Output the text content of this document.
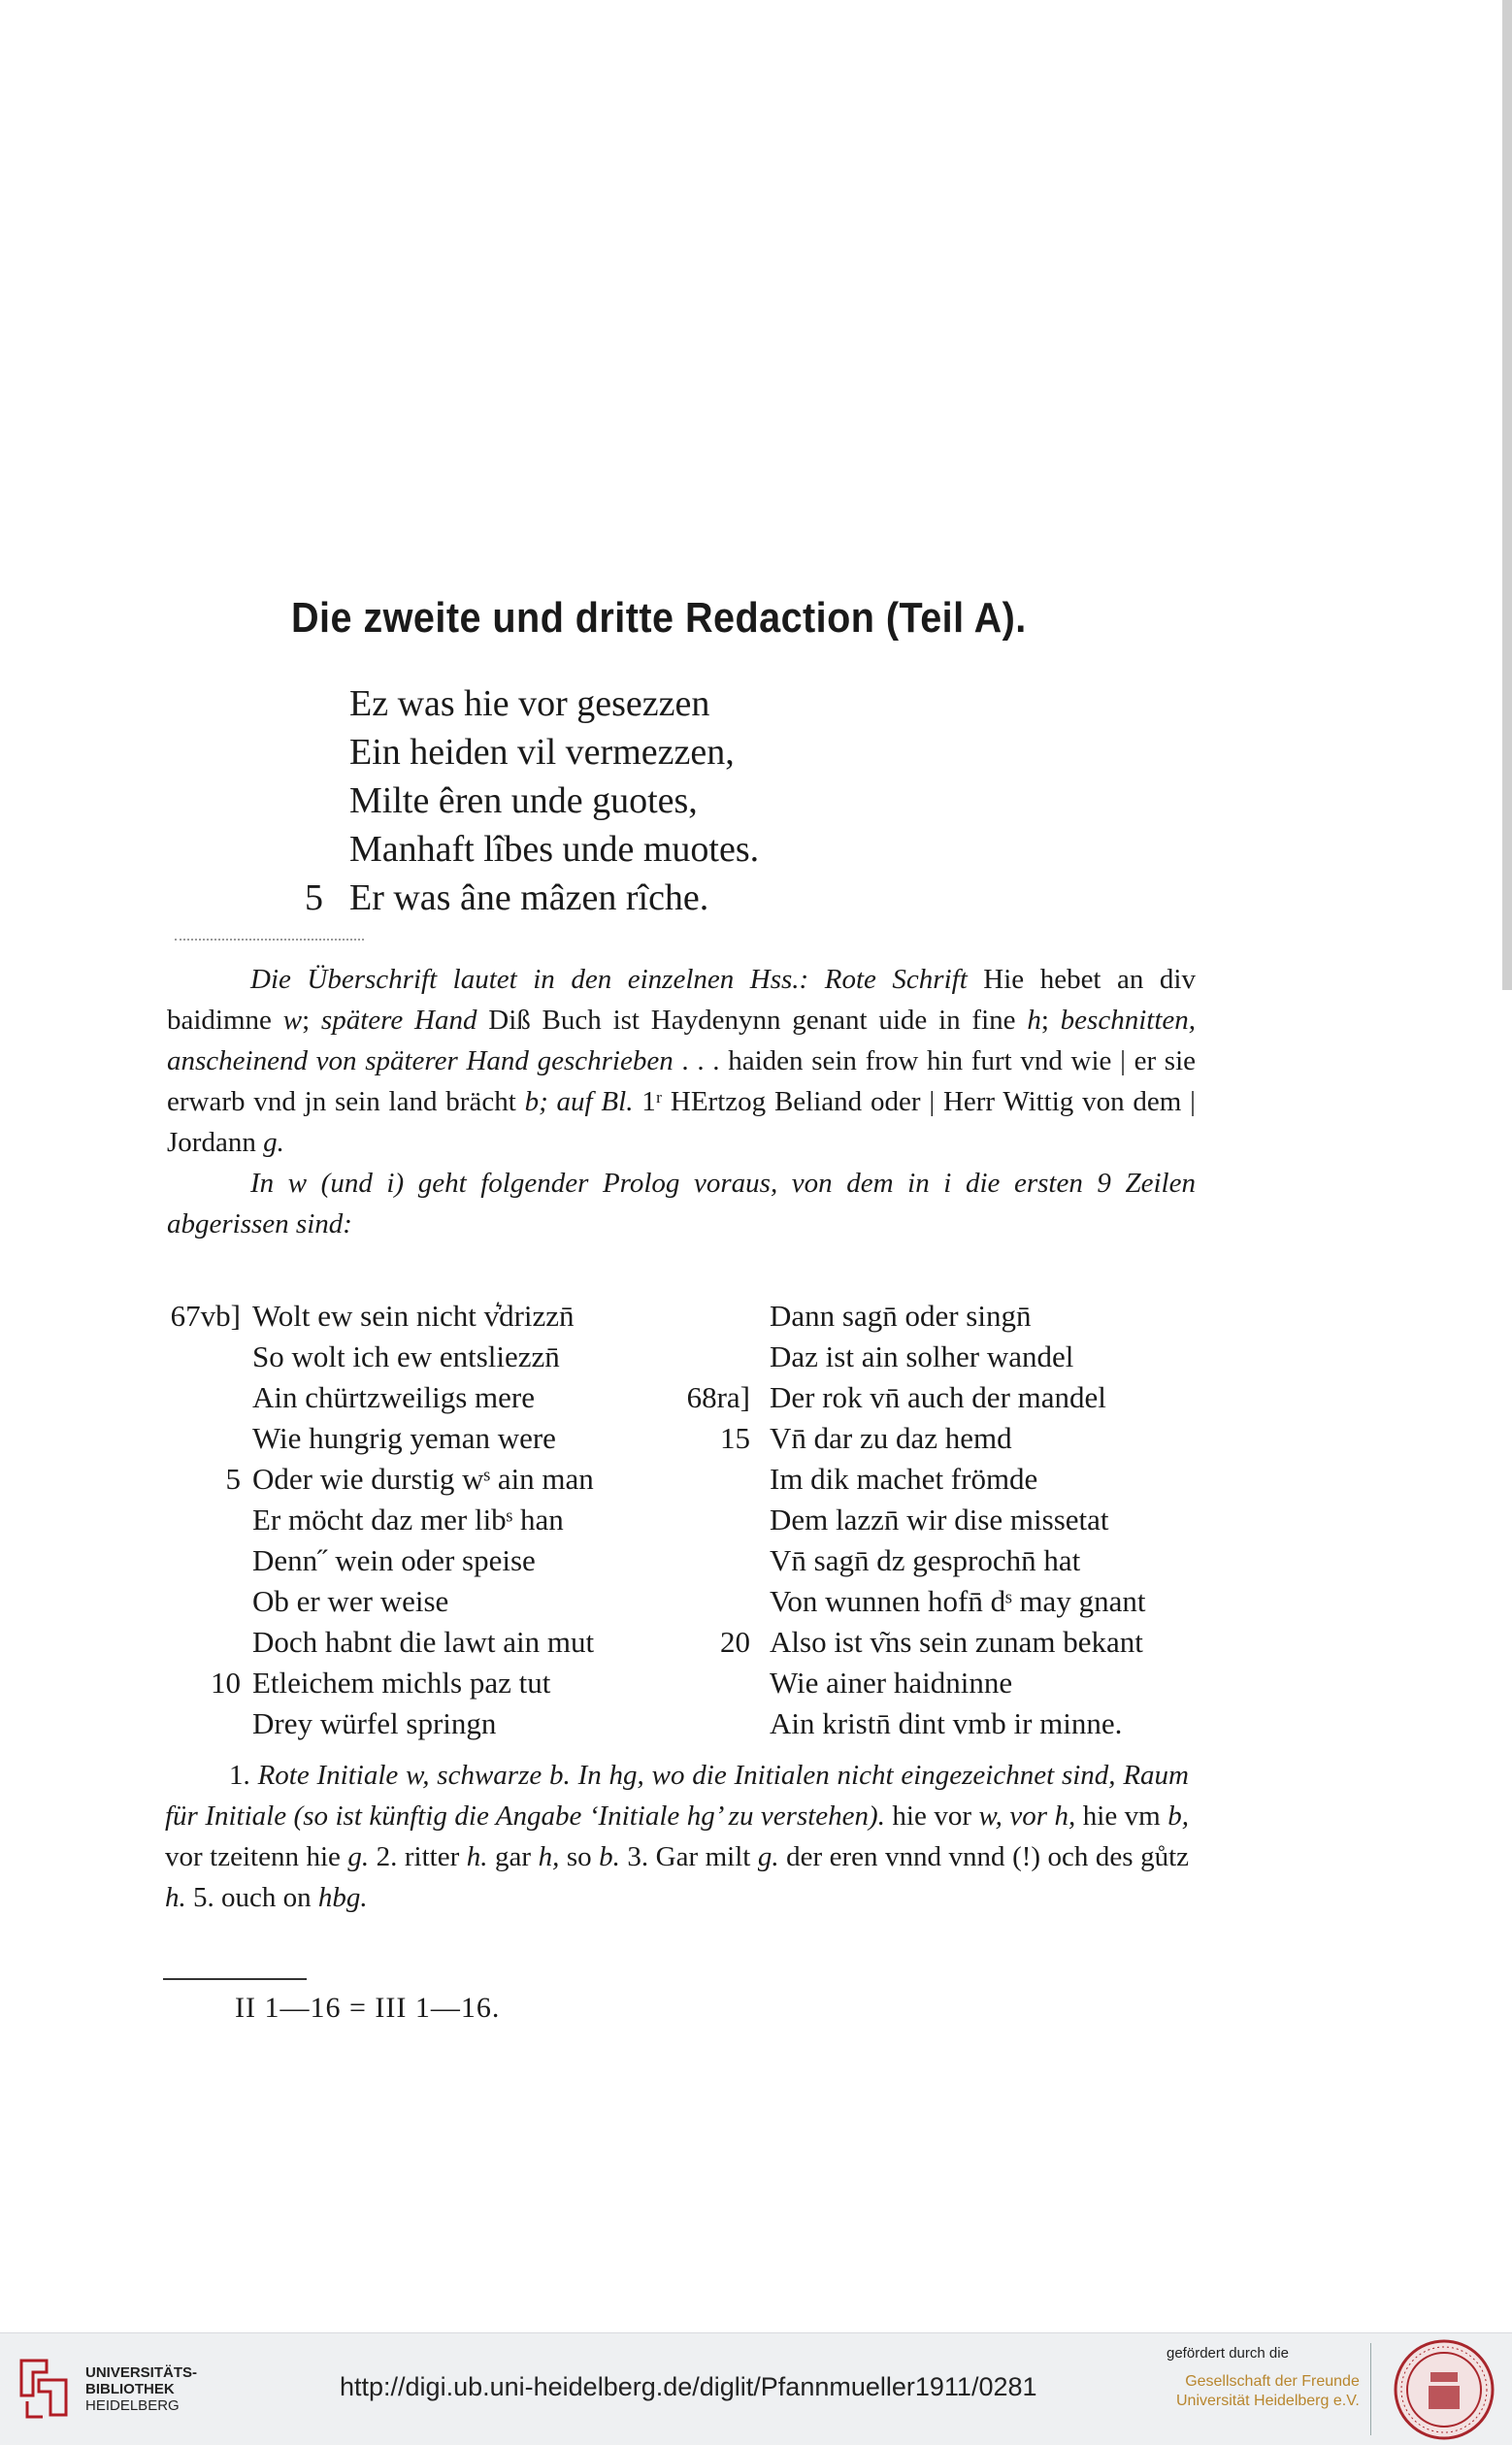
Die zweite und dritte Redaction (Teil A).
Ez was hie vor gesezzen
Ein heiden vil vermezzen,
Milte êren unde guotes,
Manhaft lîbes unde muotes.
5 Er was âne mâzen rîche.

Die Überschrift lautet in den einzelnen Hss.: Rote Schrift Hie hebet an div baidimne w; spätere Hand Diß Buch ist Haydenynn genant uide in fine h; beschnitten, anscheinend von späterer Hand geschrieben . . . haiden sein frow hin furt vnd wie | er sie erwarb vnd jn sein land brächt b; auf Bl. 1ʳ HErtzog Beliand oder | Herr Wittig von dem | Jordann g.

In w (und i) geht folgender Prolog voraus, von dem in i die ersten 9 Zeilen abgerissen sind:

67vb] Wolt ew sein nicht v͛drizzn̄
So wolt ich ew entsliezzn̄
Ain chürtzweiligs mere
Wie hungrig yeman were
5 Oder wie durstig wˢ ain man
Er möcht daz mer libˢ han
Denn˝ wein oder speise
Ob er wer weise
Doch habnt die lawt ain mut
10 Etleichem michls paz tut
Drey würfel springn
Dann sagn̄ oder singn̄
Daz ist ain solher wandel
68ra] Der rok vn̄ auch der mandel
15 Vn̄ dar zu daz hemd
Im dik machet frömde
Dem lazzn̄ wir dise missetat
Vn̄ sagn̄ dz gesprochn̄ hat
Von wunnen hofn̄ dˢ may gnant
20 Also ist v͂ns sein zunam bekant
Wie ainer haidninne
Ain kristn̄ dint vmb ir minne.

1. Rote Initiale w, schwarze b. In hg, wo die Initialen nicht eingezeichnet sind, Raum für Initiale (so ist künftig die Angabe ‘Initiale hg’ zu verstehen). hie vor w, vor h, hie vm b, vor tzeitenn hie g. 2. ritter h. gar h, so b. 3. Gar milt g. der eren vnnd vnnd (!) och des gůtz h. 5. ouch on hbg.

II 1—16 = III 1—16.
UNIVERSITÄTS-
BIBLIOTHEK
HEIDELBERG
http://digi.ub.uni-heidelberg.de/diglit/Pfannmueller1911/0281
gefördert durch die
Gesellschaft der Freunde
Universität Heidelberg e.V.
